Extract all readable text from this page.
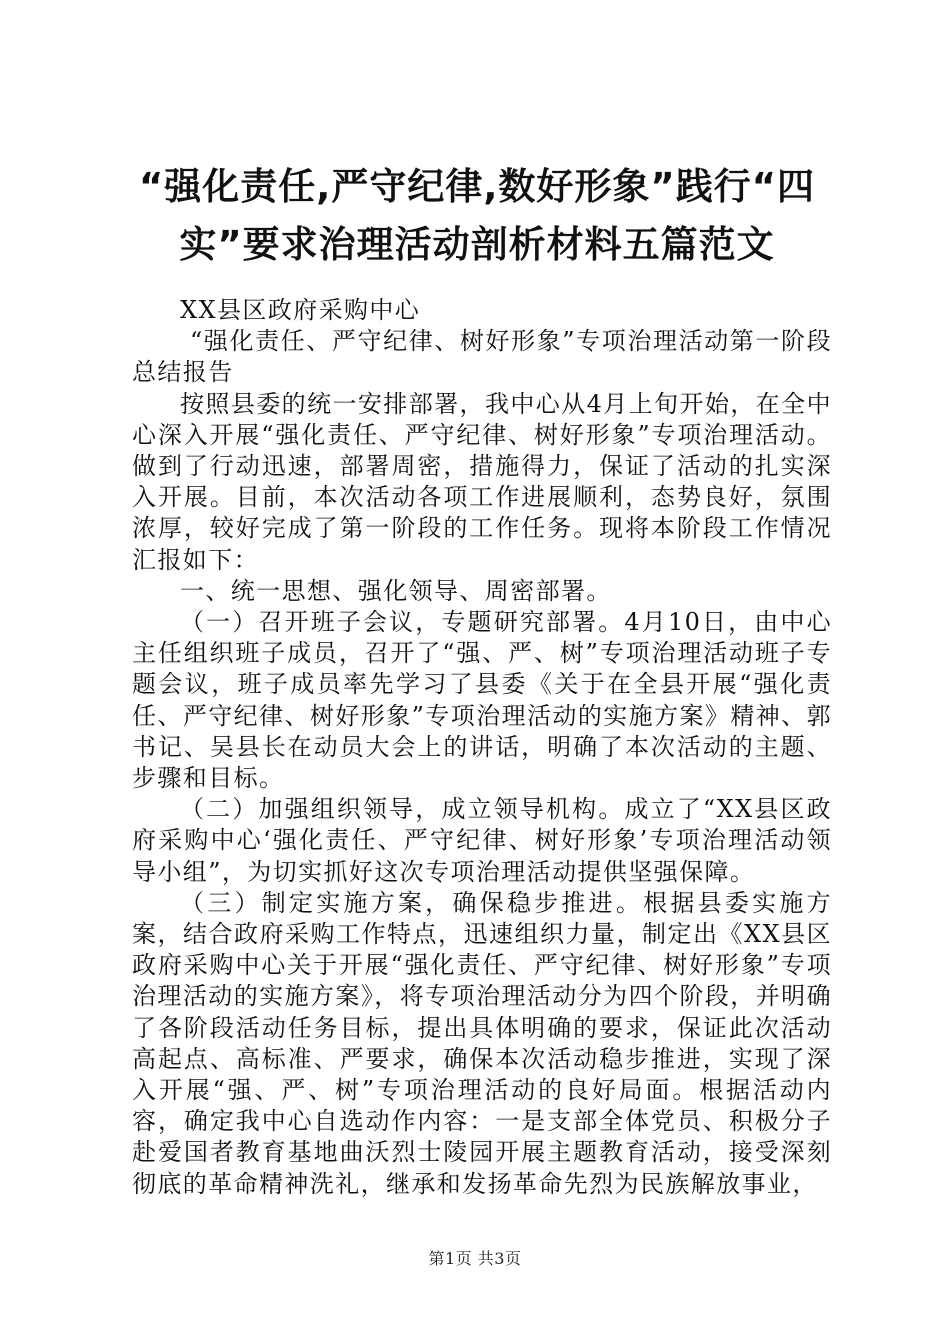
“强化责任,严守纪律,数好形象”践行“四实”要求治理活动剖析材料五篇范文

XX县区政府采购中心

“强化责任、严守纪律、树好形象”专项治理活动第一阶段总结报告

按照县委的统一安排部署，我中心从4月上旬开始，在全中心深入开展“强化责任、严守纪律、树好形象”专项治理活动。做到了行动迅速，部署周密，措施得力，保证了活动的扎实深入开展。目前，本次活动各项工作进展顺利，态势良好，氛围浓厚，较好完成了第一阶段的工作任务。现将本阶段工作情况汇报如下：

一、统一思想、强化领导、周密部署。

（一）召开班子会议，专题研究部署。4月10日，由中心主任组织班子成员，召开了“强、严、树”专项治理活动班子专题会议，班子成员率先学习了县委《关于在全县开展“强化责任、严守纪律、树好形象”专项治理活动的实施方案》精神、郭书记、吴县长在动员大会上的讲话，明确了本次活动的主题、步骤和目标。

（二）加强组织领导，成立领导机构。成立了“XX县区政府采购中心‘强化责任、严守纪律、树好形象’专项治理活动领导小组”，为切实抓好这次专项治理活动提供坚强保障。

（三）制定实施方案，确保稳步推进。根据县委实施方案，结合政府采购工作特点，迅速组织力量，制定出《XX县区政府采购中心关于开展“强化责任、严守纪律、树好形象”专项治理活动的实施方案》，将专项治理活动分为四个阶段，并明确了各阶段活动任务目标，提出具体明确的要求，保证此次活动高起点、高标准、严要求，确保本次活动稳步推进，实现了深入开展“强、严、树”专项治理活动的良好局面。根据活动内容，确定我中心自选动作内容：一是支部全体党员、积极分子赴爱国者教育基地曲沃烈士陵园开展主题教育活动，接受深刻彻底的革命精神洗礼，继承和发扬革命先烈为民族解放事业，

第1页 共3页
